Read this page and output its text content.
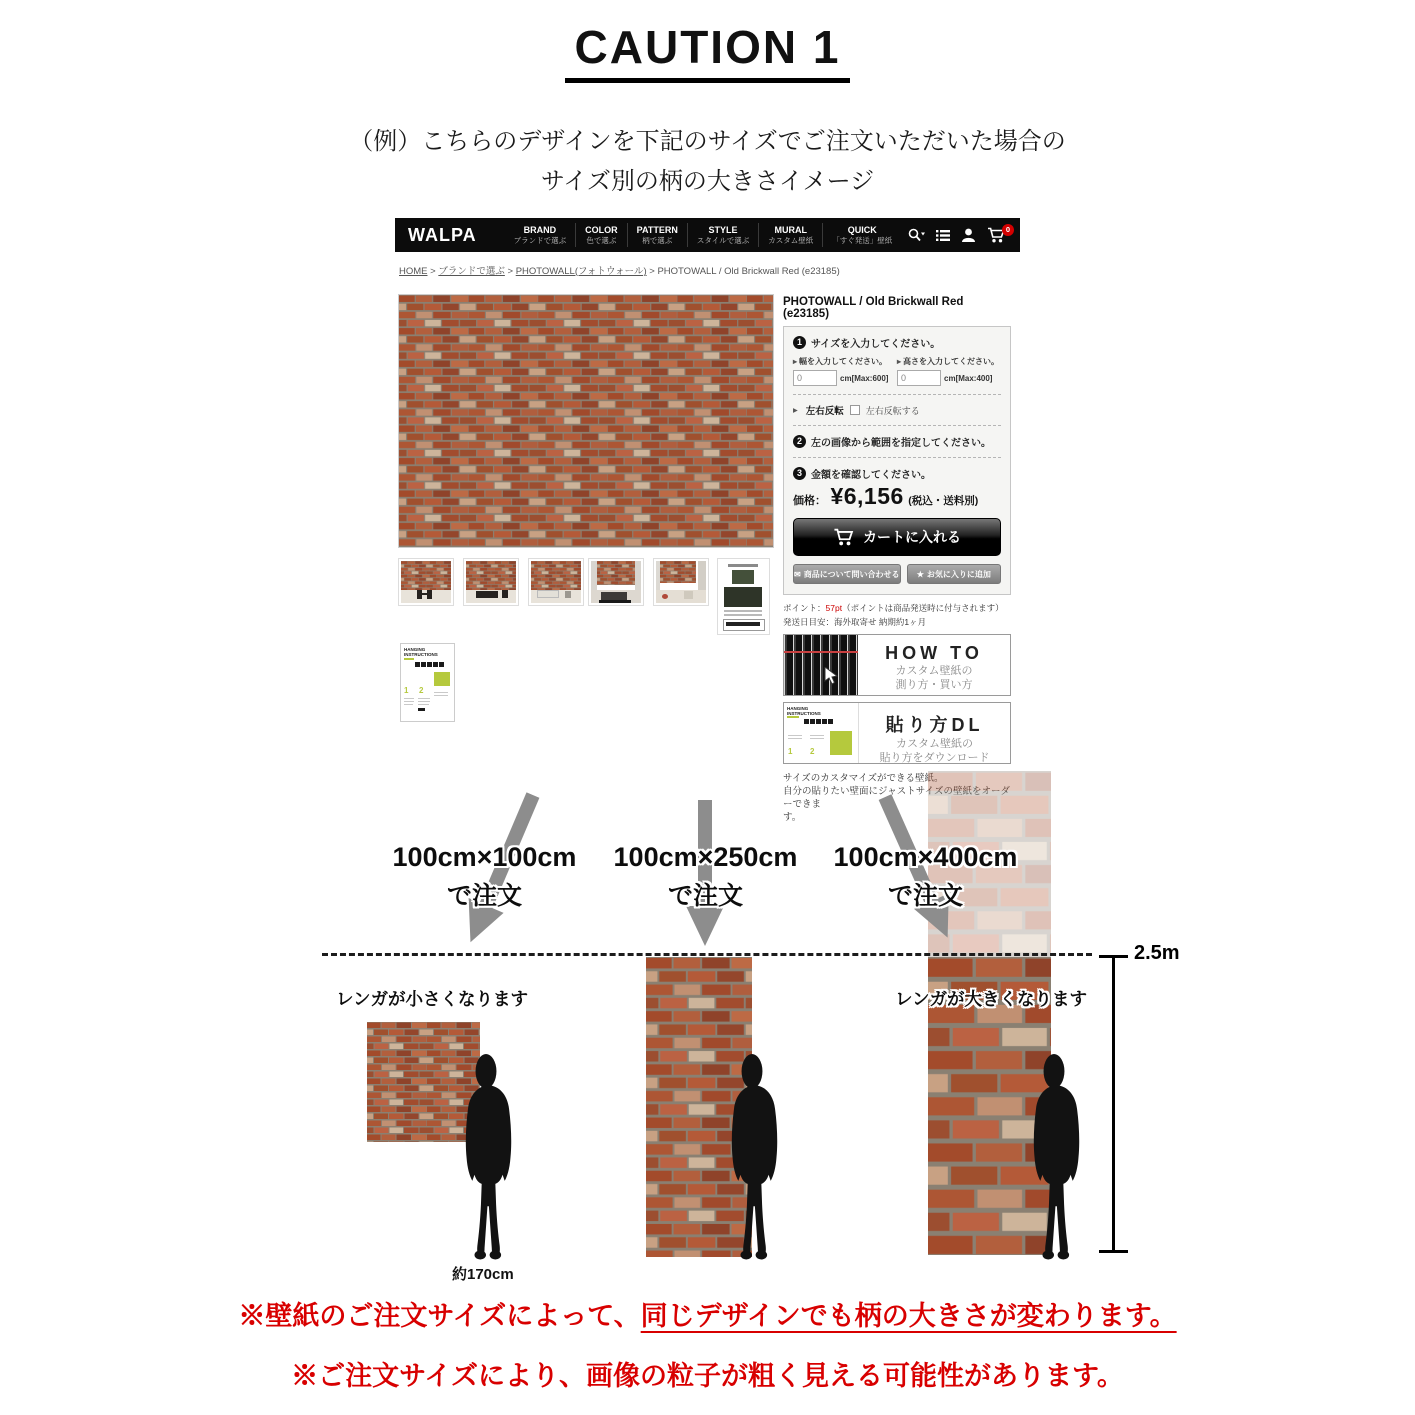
CAUTION 1
（例）こちらのデザインを下記のサイズでご注文いただいた場合の
サイズ別の柄の大きさイメージ
WALPA	BRAND
ブランドで選ぶ
COLOR
色で選ぶ
PATTERN
柄で選ぶ
STYLE
スタイルで選ぶ
MURAL
カスタム壁紙
QUICK
「すぐ発送」壁紙
0
HOME > ブランドで選ぶ > PHOTOWALL(フォトウォール) > PHOTOWALL / Old Brickwall Red (e23185)
HANGING
INSTRUCTIONS
1 2
PHOTOWALL / Old Brickwall Red (e23185)
1 サイズを入力してください。
▸ 幅を入力してください。
0
cm[Max:600]
▸ 高さを入力してください。
0
cm[Max:400]
▸ 左右反転 左右反転する
2 左の画像から範囲を指定してください。
3 金額を確認してください。
価格： ¥6,156 (税込・送料別)
カートに入れる
✉ 商品について問い合わせる ★ お気に入りに追加
ポイント：57pt（ポイントは商品発送時に付与されます）
発送日目安：海外取寄せ 納期約1ヶ月
HOW TO
カスタム壁紙の
測り方・買い方
HANGING
INSTRUCTIONS
1 2
貼り方DL
カスタム壁紙の
貼り方をダウンロード
サイズのカスタマイズができる壁紙。
自分の貼りたい壁面にジャストサイズの壁紙をオーダーできま
す。
100cm×100cm
で注文
100cm×250cm
で注文
100cm×400cm
で注文
レンガが小さくなります	レンガが大きくなります
約170cm
2.5m
※壁紙のご注文サイズによって、同じデザインでも柄の大きさが変わります。
※ご注文サイズにより、画像の粒子が粗く見える可能性があります。
